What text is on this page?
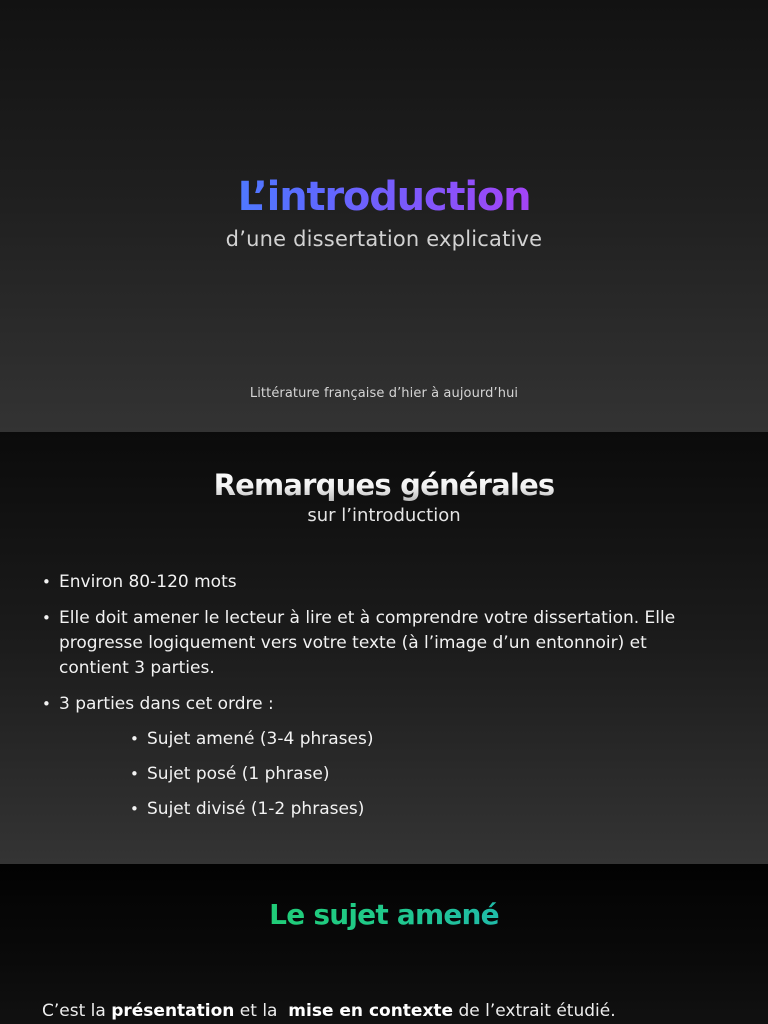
L’introduction
d’une dissertation explicative
Littérature française d’hier à aujourd’hui
Remarques générales
sur l’introduction
• Environ 80-120 mots
• Elle doit amener le lecteur à lire et à comprendre votre dissertation. Elle progresse logiquement vers votre texte (à l’image d’un entonnoir) et contient 3 parties.
• 3 parties dans cet ordre :
• Sujet amené (3-4 phrases)
• Sujet posé (1 phrase)
• Sujet divisé (1-2 phrases)
Le sujet amené
C’est la présentation et la  mise en contexte de l’extrait étudié.
